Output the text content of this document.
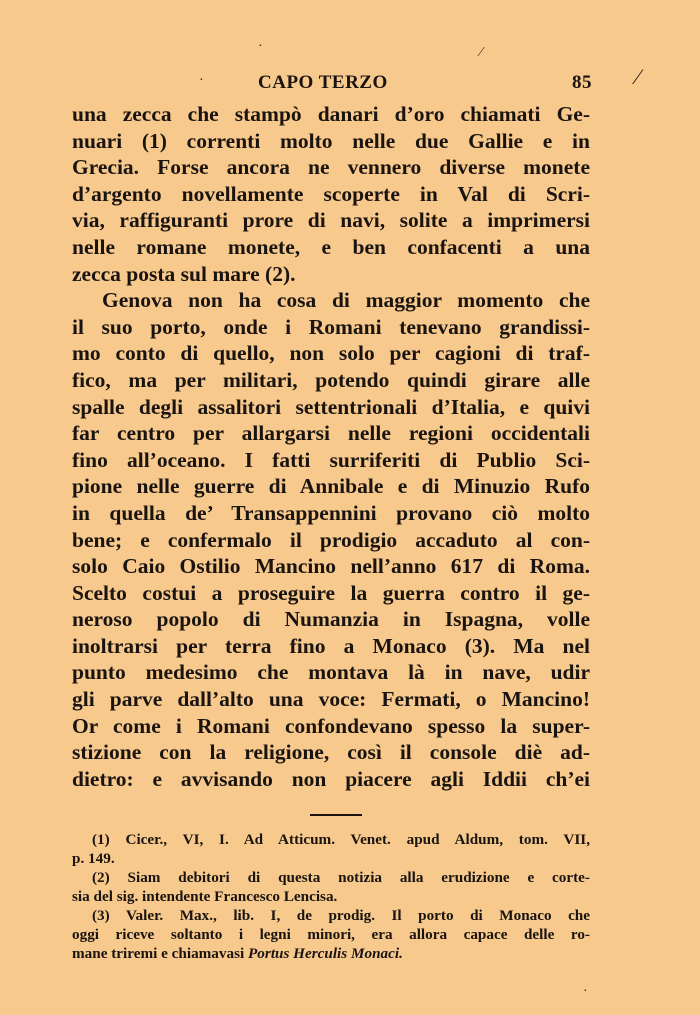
·	⁄
·	⁄
·
CAPO TERZO	85
una zecca che stampò danari d’oro chiamati Ge-
nuari (1) correnti molto nelle due Gallie e in
Grecia. Forse ancora ne vennero diverse monete
d’argento novellamente scoperte in Val di Scri-
via, raffiguranti prore di navi, solite a imprimersi
nelle romane monete, e ben confacenti a una
zecca posta sul mare (2).
Genova non ha cosa di maggior momento che
il suo porto, onde i Romani tenevano grandissi-
mo conto di quello, non solo per cagioni di traf-
fico, ma per militari, potendo quindi girare alle
spalle degli assalitori settentrionali d’Italia, e quivi
far centro per allargarsi nelle regioni occidentali
fino all’oceano. I fatti surriferiti di Publio Sci-
pione nelle guerre di Annibale e di Minuzio Rufo
in quella de’ Transappennini provano ciò molto
bene; e confermalo il prodigio accaduto al con-
solo Caio Ostilio Mancino nell’anno 617 di Roma.
Scelto costui a proseguire la guerra contro il ge-
neroso popolo di Numanzia in Ispagna, volle
inoltrarsi per terra fino a Monaco (3). Ma nel
punto medesimo che montava là in nave, udir
gli parve dall’alto una voce: Fermati, o Mancino!
Or come i Romani confondevano spesso la super-
stizione con la religione, così il console diè ad-
dietro: e avvisando non piacere agli Iddii ch’ei
(1) Cicer., VI, I. Ad Atticum. Venet. apud Aldum, tom. VII,
p. 149.
(2) Siam debitori di questa notizia alla erudizione e corte-
sia del sig. intendente Francesco Lencisa.
(3) Valer. Max., lib. I, de prodig. Il porto di Monaco che
oggi riceve soltanto i legni minori, era allora capace delle ro-
mane triremi e chiamavasi Portus Herculis Monaci.
